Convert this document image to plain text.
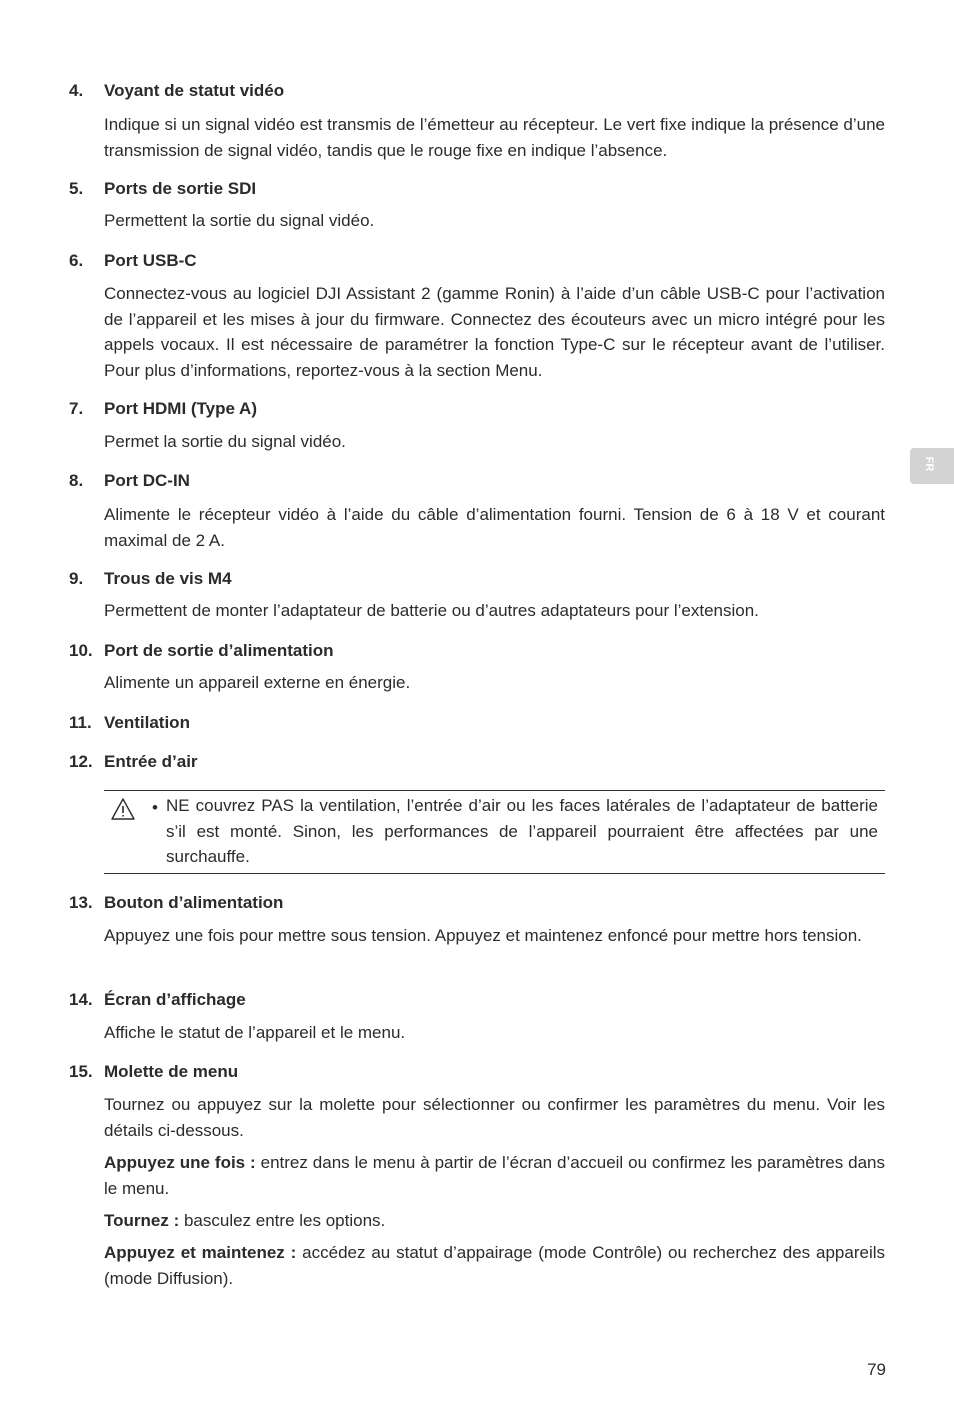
4. Voyant de statut vidéo
Indique si un signal vidéo est transmis de l’émetteur au récepteur. Le vert fixe indique la présence d’une transmission de signal vidéo, tandis que le rouge fixe en indique l’absence.
5. Ports de sortie SDI
Permettent la sortie du signal vidéo.
6. Port USB-C
Connectez-vous au logiciel DJI Assistant 2 (gamme Ronin) à l’aide d’un câble USB-C pour l’activation de l’appareil et les mises à jour du firmware. Connectez des écouteurs avec un micro intégré pour les appels vocaux. Il est nécessaire de paramétrer la fonction Type-C sur le récepteur avant de l’utiliser. Pour plus d’informations, reportez-vous à la section Menu.
7. Port HDMI (Type A)
Permet la sortie du signal vidéo.
8. Port DC-IN
Alimente le récepteur vidéo à l’aide du câble d’alimentation fourni. Tension de 6 à 18 V et courant maximal de 2 A.
9. Trous de vis M4
Permettent de monter l’adaptateur de batterie ou d’autres adaptateurs pour l’extension.
10. Port de sortie d’alimentation
Alimente un appareil externe en énergie.
11. Ventilation
12. Entrée d’air
• NE couvrez PAS la ventilation, l’entrée d’air ou les faces latérales de l’adaptateur de batterie s’il est monté. Sinon, les performances de l’appareil pourraient être affectées par une surchauffe.
13. Bouton d’alimentation
Appuyez une fois pour mettre sous tension. Appuyez et maintenez enfoncé pour mettre hors tension.
14. Écran d’affichage
Affiche le statut de l’appareil et le menu.
15. Molette de menu
Tournez ou appuyez sur la molette pour sélectionner ou confirmer les paramètres du menu. Voir les détails ci-dessous.
Appuyez une fois : entrez dans le menu à partir de l’écran d’accueil ou confirmez les paramètres dans le menu.
Tournez : basculez entre les options.
Appuyez et maintenez : accédez au statut d’appairage (mode Contrôle) ou recherchez des appareils (mode Diffusion).
FR
79
